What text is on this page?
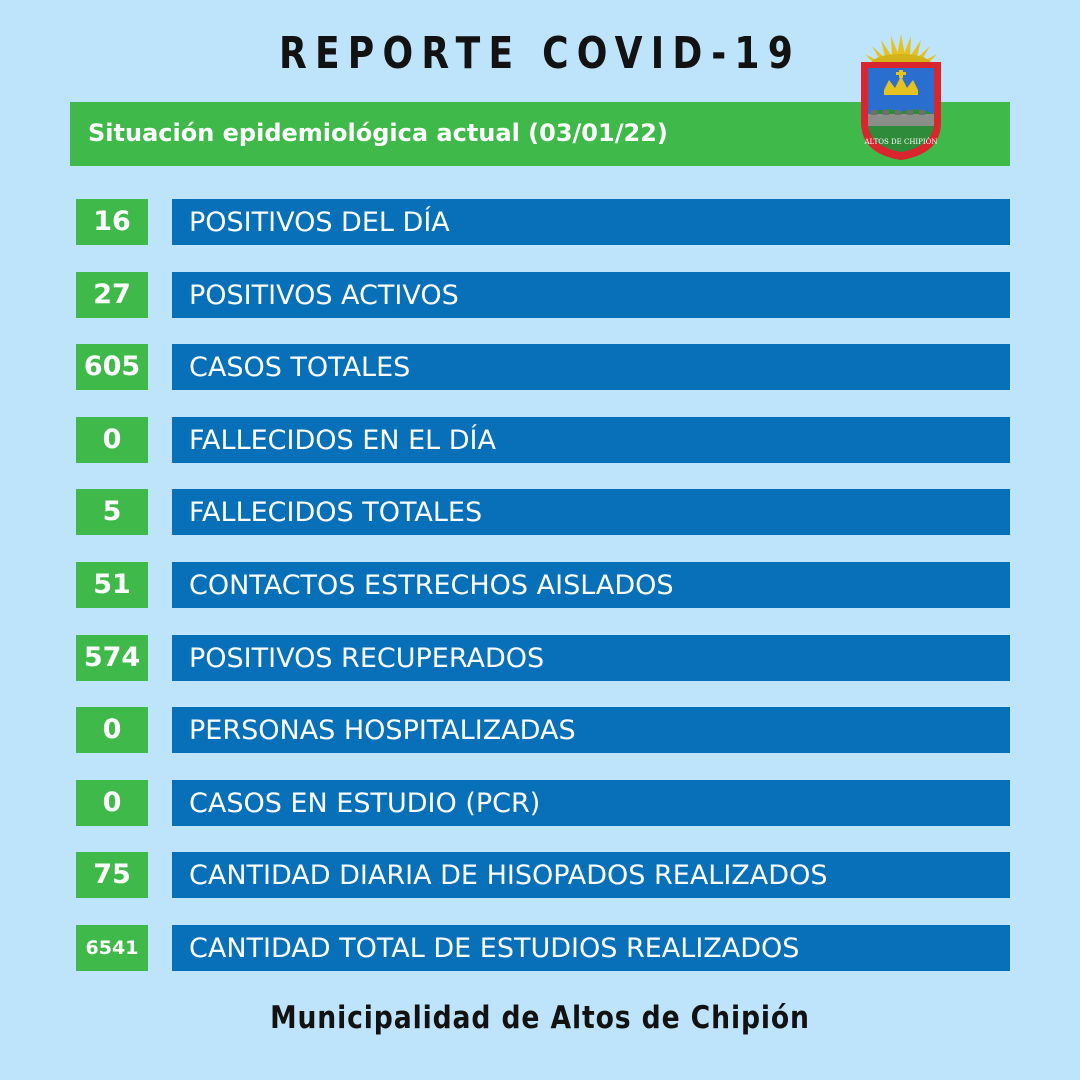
REPORTE COVID-19
Situación epidemiológica actual (03/01/22)	ALTOS DE CHIPIÓN
16	POSITIVOS DEL DÍA
27	POSITIVOS ACTIVOS
605	CASOS TOTALES
0	FALLECIDOS EN EL DÍA
5	FALLECIDOS TOTALES
51	CONTACTOS ESTRECHOS AISLADOS
574	POSITIVOS RECUPERADOS
0	PERSONAS HOSPITALIZADAS
0	CASOS EN ESTUDIO (PCR)
75	CANTIDAD DIARIA DE HISOPADOS REALIZADOS
6541	CANTIDAD TOTAL DE ESTUDIOS REALIZADOS
Municipalidad de Altos de Chipión
